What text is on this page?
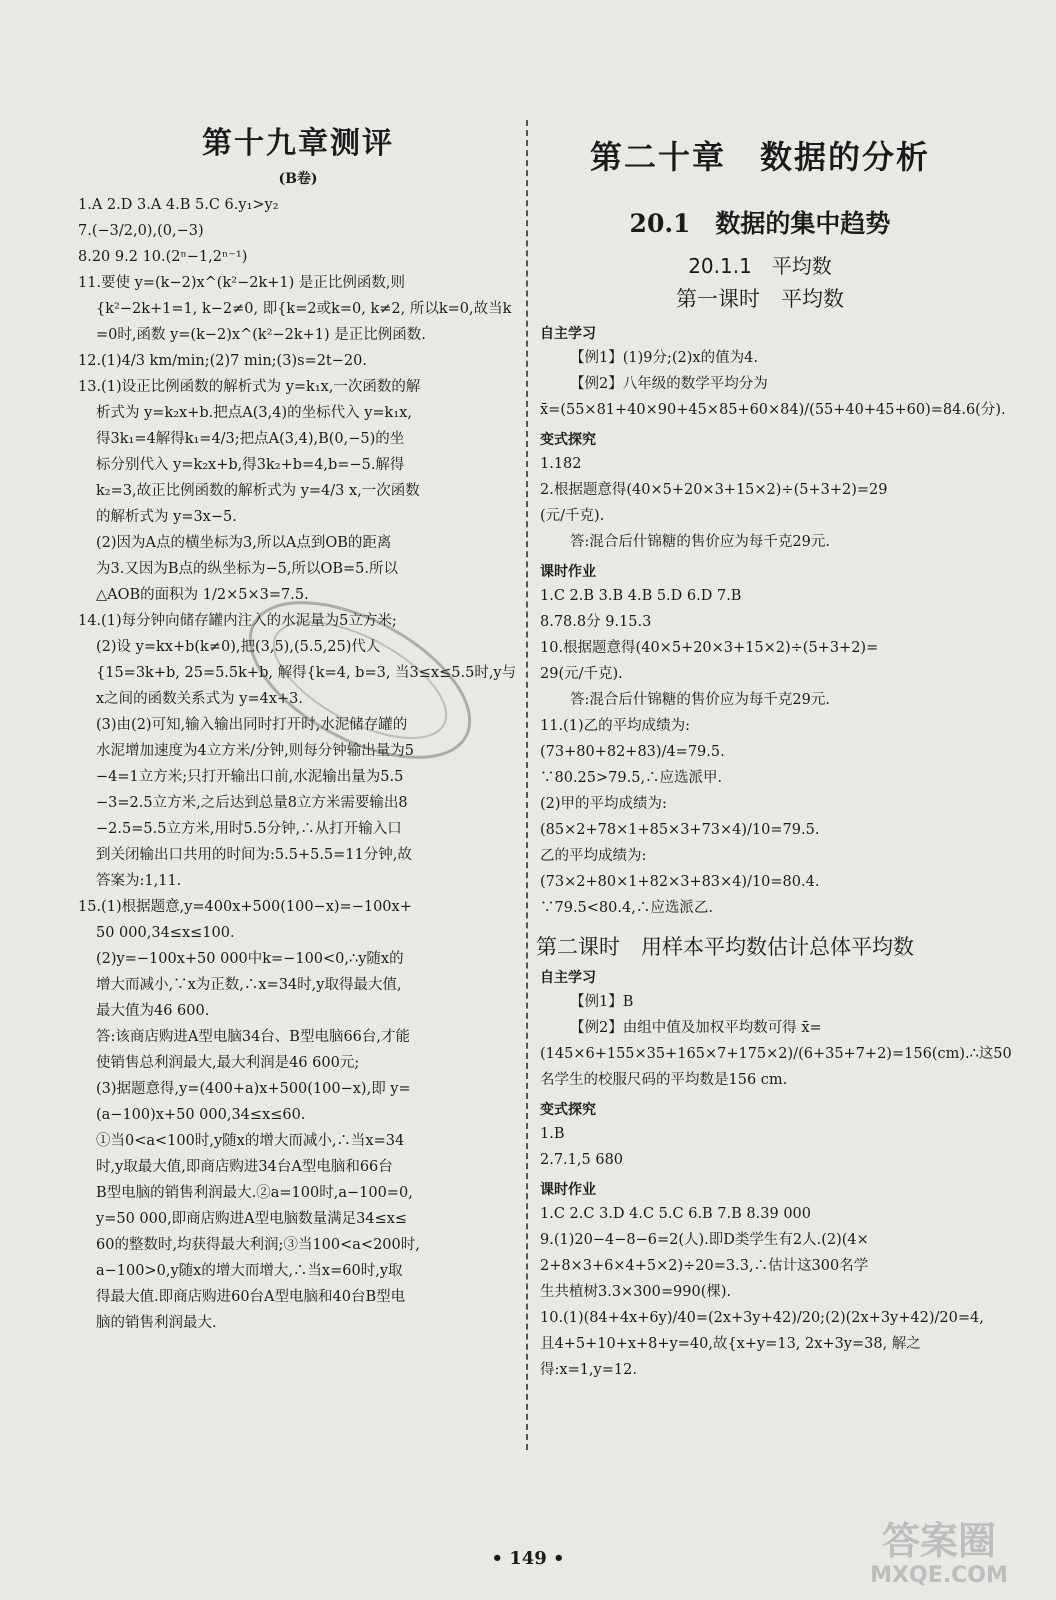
第十九章测评
(B卷)
1.A 2.D 3.A 4.B 5.C 6.y₁>y₂
7.(−3/2,0),(0,−3)
8.20 9.2 10.(2ⁿ−1,2ⁿ⁻¹)
11.要使 y=(k−2)x^(k²−2k+1) 是正比例函数,则
{k²−2k+1=1, k−2≠0, 即{k=2或k=0, k≠2, 所以k=0,故当k
=0时,函数 y=(k−2)x^(k²−2k+1) 是正比例函数.
12.(1)4/3 km/min;(2)7 min;(3)s=2t−20.
13.(1)设正比例函数的解析式为 y=k₁x,一次函数的解
析式为 y=k₂x+b.把点A(3,4)的坐标代入 y=k₁x,
得3k₁=4解得k₁=4/3;把点A(3,4),B(0,−5)的坐
标分别代入 y=k₂x+b,得3k₂+b=4,b=−5.解得
k₂=3,故正比例函数的解析式为 y=4/3 x,一次函数
的解析式为 y=3x−5.
(2)因为A点的横坐标为3,所以A点到OB的距离
为3.又因为B点的纵坐标为−5,所以OB=5.所以
△AOB的面积为 1/2×5×3=7.5.
14.(1)每分钟向储存罐内注入的水泥量为5立方米;
(2)设 y=kx+b(k≠0),把(3,5),(5.5,25)代人
{15=3k+b, 25=5.5k+b, 解得{k=4, b=3, 当3≤x≤5.5时,y与
x之间的函数关系式为 y=4x+3.
(3)由(2)可知,输入输出同时打开时,水泥储存罐的
水泥增加速度为4立方米/分钟,则每分钟输出量为5
−4=1立方米;只打开输出口前,水泥输出量为5.5
−3=2.5立方米,之后达到总量8立方米需要输出8
−2.5=5.5立方米,用时5.5分钟,∴从打开输入口
到关闭输出口共用的时间为:5.5+5.5=11分钟,故
答案为:1,11.
15.(1)根据题意,y=400x+500(100−x)=−100x+
50 000,34≤x≤100.
(2)y=−100x+50 000中k=−100<0,∴y随x的
增大而减小,∵x为正数,∴x=34时,y取得最大值,
最大值为46 600.
答:该商店购进A型电脑34台、B型电脑66台,才能
使销售总利润最大,最大利润是46 600元;
(3)据题意得,y=(400+a)x+500(100−x),即 y=
(a−100)x+50 000,34≤x≤60.
①当0<a<100时,y随x的增大而减小,∴当x=34
时,y取最大值,即商店购进34台A型电脑和66台
B型电脑的销售利润最大.②a=100时,a−100=0,
y=50 000,即商店购进A型电脑数量满足34≤x≤
60的整数时,均获得最大利润;③当100<a<200时,
a−100>0,y随x的增大而增大,∴当x=60时,y取
得最大值.即商店购进60台A型电脑和40台B型电
脑的销售利润最大.
第二十章　数据的分析
20.1　数据的集中趋势
20.1.1　平均数
第一课时　平均数
自主学习
【例1】(1)9分;(2)x的值为4.
【例2】八年级的数学平均分为
x̄=(55×81+40×90+45×85+60×84)/(55+40+45+60)=84.6(分).
变式探究
1.182
2.根据题意得(40×5+20×3+15×2)÷(5+3+2)=29
(元/千克).
答:混合后什锦糖的售价应为每千克29元.
课时作业
1.C 2.B 3.B 4.B 5.D 6.D 7.B
8.78.8分 9.15.3
10.根据题意得(40×5+20×3+15×2)÷(5+3+2)=
29(元/千克).
答:混合后什锦糖的售价应为每千克29元.
11.(1)乙的平均成绩为:
(73+80+82+83)/4=79.5.
∵80.25>79.5,∴应选派甲.
(2)甲的平均成绩为:
(85×2+78×1+85×3+73×4)/10=79.5.
乙的平均成绩为:
(73×2+80×1+82×3+83×4)/10=80.4.
∵79.5<80.4,∴应选派乙.
第二课时　用样本平均数估计总体平均数
自主学习
【例1】B
【例2】由组中值及加权平均数可得 x̄=
(145×6+155×35+165×7+175×2)/(6+35+7+2)=156(cm).∴这50
名学生的校服尺码的平均数是156 cm.
变式探究
1.B
2.7.1,5 680
课时作业
1.C 2.C 3.D 4.C 5.C 6.B 7.B 8.39 000
9.(1)20−4−8−6=2(人).即D类学生有2人.(2)(4×
2+8×3+6×4+5×2)÷20=3.3,∴估计这300名学
生共植树3.3×300=990(棵).
10.(1)(84+4x+6y)/40=(2x+3y+42)/20;(2)(2x+3y+42)/20=4,
且4+5+10+x+8+y=40,故{x+y=13, 2x+3y=38, 解之
得:x=1,y=12.
• 149 •	答案圈
MXQE.COM
